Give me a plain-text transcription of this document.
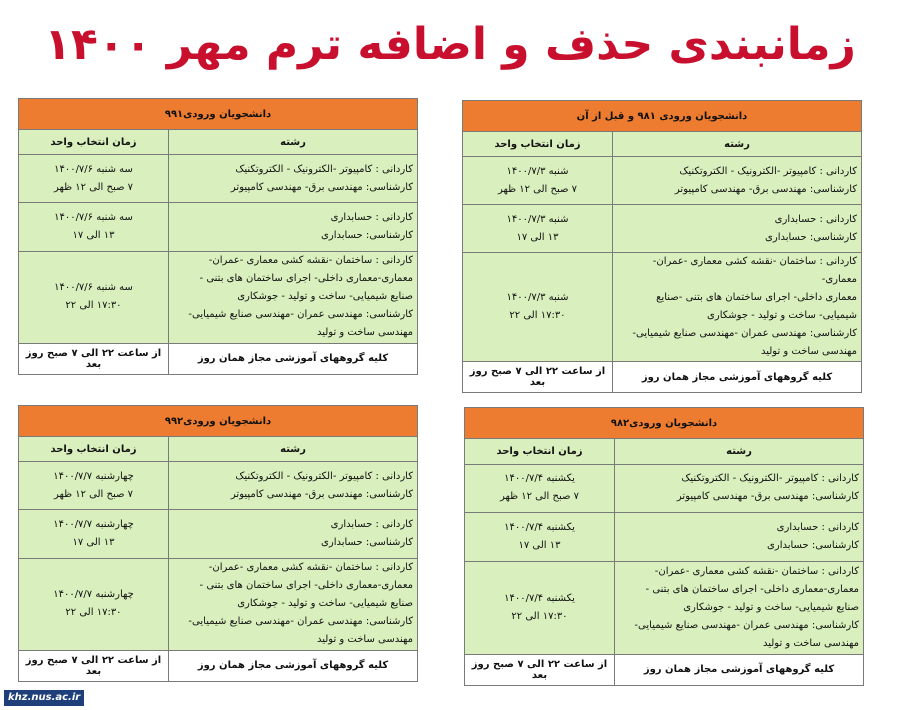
زمانبندی حذف و اضافه ترم مهر ۱۴۰۰
دانشجویان ورودی۹۹۱	
رشته	زمان انتخاب واحد

کاردانی : کامپیوتر -الکترونیک - الکتروتکنیک
کارشناسی: مهندسی برق- مهندسی کامپیوتر	سه شنبه ۱۴۰۰/۷/۶
۷ صبح الی ۱۲ ظهر

کاردانی : حسابداری
کارشناسی: حسابداری	سه شنبه ۱۴۰۰/۷/۶
۱۳ الی ۱۷

کاردانی : ساختمان -نقشه کشی معماری -عمران-
معماری-معماری داخلی- اجرای ساختمان های بتنی -
صنایع شیمیایی- ساخت و تولید - جوشکاری
کارشناسی: مهندسی عمران -مهندسی صنایع شیمیایی-
مهندسی ساخت و تولید	سه شنبه ۱۴۰۰/۷/۶
۱۷:۳۰ الی ۲۲

کلیه گروههای آموزشی مجاز همان روز	از ساعت ۲۲ الی ۷ صبح روز بعد
دانشجویان ورودی ۹۸۱ و قبل از آن	
رشته	زمان انتخاب واحد

کاردانی : کامپیوتر -الکترونیک - الکتروتکنیک
کارشناسی: مهندسی برق- مهندسی کامپیوتر	شنبه ۱۴۰۰/۷/۳
۷ صبح الی ۱۲ ظهر

کاردانی : حسابداری
کارشناسی: حسابداری	شنبه ۱۴۰۰/۷/۳
۱۳ الی ۱۷

کاردانی : ساختمان -نقشه کشی معماری -عمران- معماری-
معماری داخلی- اجرای ساختمان های بتنی -صنایع
شیمیایی- ساخت و تولید - جوشکاری
کارشناسی: مهندسی عمران -مهندسی صنایع شیمیایی-
مهندسی ساخت و تولید	شنبه ۱۴۰۰/۷/۳
۱۷:۳۰ الی ۲۲

کلیه گروههای آموزشی مجاز همان روز	از ساعت ۲۲ الی ۷ صبح روز بعد
دانشجویان ورودی۹۹۲	
رشته	زمان انتخاب واحد

کاردانی : کامپیوتر -الکترونیک - الکتروتکنیک
کارشناسی: مهندسی برق- مهندسی کامپیوتر	چهارشنبه ۱۴۰۰/۷/۷
۷ صبح الی ۱۲ ظهر

کاردانی : حسابداری
کارشناسی: حسابداری	چهارشنبه ۱۴۰۰/۷/۷
۱۳ الی ۱۷

کاردانی : ساختمان -نقشه کشی معماری -عمران-
معماری-معماری داخلی- اجرای ساختمان های بتنی -
صنایع شیمیایی- ساخت و تولید - جوشکاری
کارشناسی: مهندسی عمران -مهندسی صنایع شیمیایی-
مهندسی ساخت و تولید	چهارشنبه ۱۴۰۰/۷/۷
۱۷:۳۰ الی ۲۲

کلیه گروههای آموزشی مجاز همان روز	از ساعت ۲۲ الی ۷ صبح روز بعد
دانشجویان ورودی۹۸۲	
رشته	زمان انتخاب واحد

کاردانی : کامپیوتر -الکترونیک - الکتروتکنیک
کارشناسی: مهندسی برق- مهندسی کامپیوتر	یکشنبه ۱۴۰۰/۷/۴
۷ صبح الی ۱۲ ظهر

کاردانی : حسابداری
کارشناسی: حسابداری	یکشنبه ۱۴۰۰/۷/۴
۱۳ الی ۱۷

کاردانی : ساختمان -نقشه کشی معماری -عمران-
معماری-معماری داخلی- اجرای ساختمان های بتنی -
صنایع شیمیایی- ساخت و تولید - جوشکاری
کارشناسی: مهندسی عمران -مهندسی صنایع شیمیایی-
مهندسی ساخت و تولید	یکشنبه ۱۴۰۰/۷/۴
۱۷:۳۰ الی ۲۲

کلیه گروههای آموزشی مجاز همان روز	از ساعت ۲۲ الی ۷ صبح روز بعد
khz.nus.ac.ir
